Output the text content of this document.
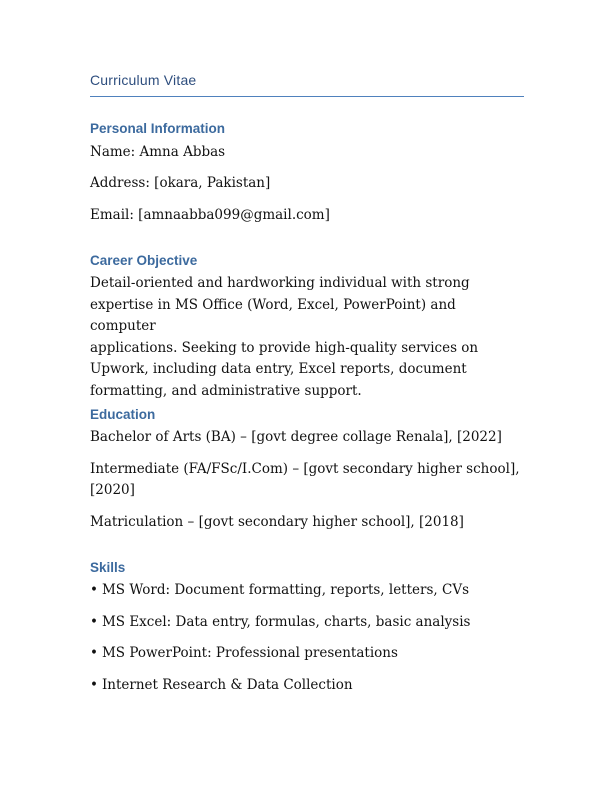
Curriculum Vitae
Personal Information
Name: Amna Abbas
Address: [okara, Pakistan]
Email: [amnaabba099@gmail.com]
Career Objective
Detail-oriented and hardworking individual with strong
expertise in MS Office (Word, Excel, PowerPoint) and computer
applications. Seeking to provide high-quality services on
Upwork, including data entry, Excel reports, document
formatting, and administrative support.
Education
Bachelor of Arts (BA) – [govt degree collage Renala], [2022]
Intermediate (FA/FSc/I.Com) – [govt secondary higher school],
[2020]
Matriculation – [govt secondary higher school], [2018]
Skills
• MS Word: Document formatting, reports, letters, CVs
• MS Excel: Data entry, formulas, charts, basic analysis
• MS PowerPoint: Professional presentations
• Internet Research & Data Collection
